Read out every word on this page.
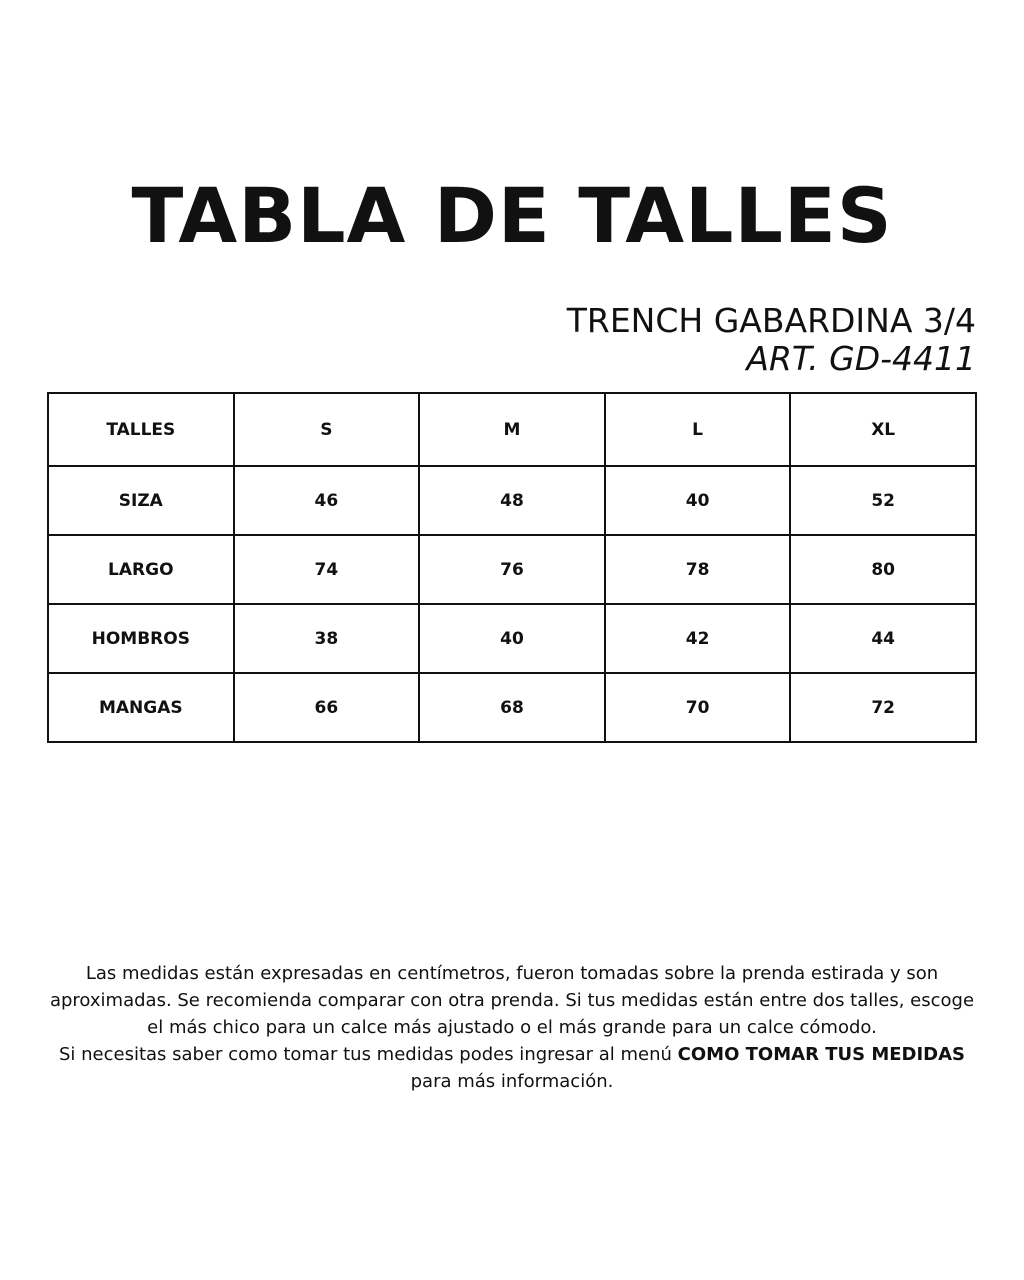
TABLA DE TALLES
TRENCH GABARDINA 3/4
ART. GD-4411
TALLES	S	M	L	XL
SIZA	46	48	40	52
LARGO	74	76	78	80
HOMBROS	38	40	42	44
MANGAS	66	68	70	72

Las medidas están expresadas en centímetros, fueron tomadas sobre la prenda estirada y son aproximadas. Se recomienda comparar con otra prenda. Si tus medidas están entre dos talles, escoge el más chico para un calce más ajustado o el más grande para un calce cómodo.
Si necesitas saber como tomar tus medidas podes ingresar al menú COMO TOMAR TUS MEDIDAS para más información.
